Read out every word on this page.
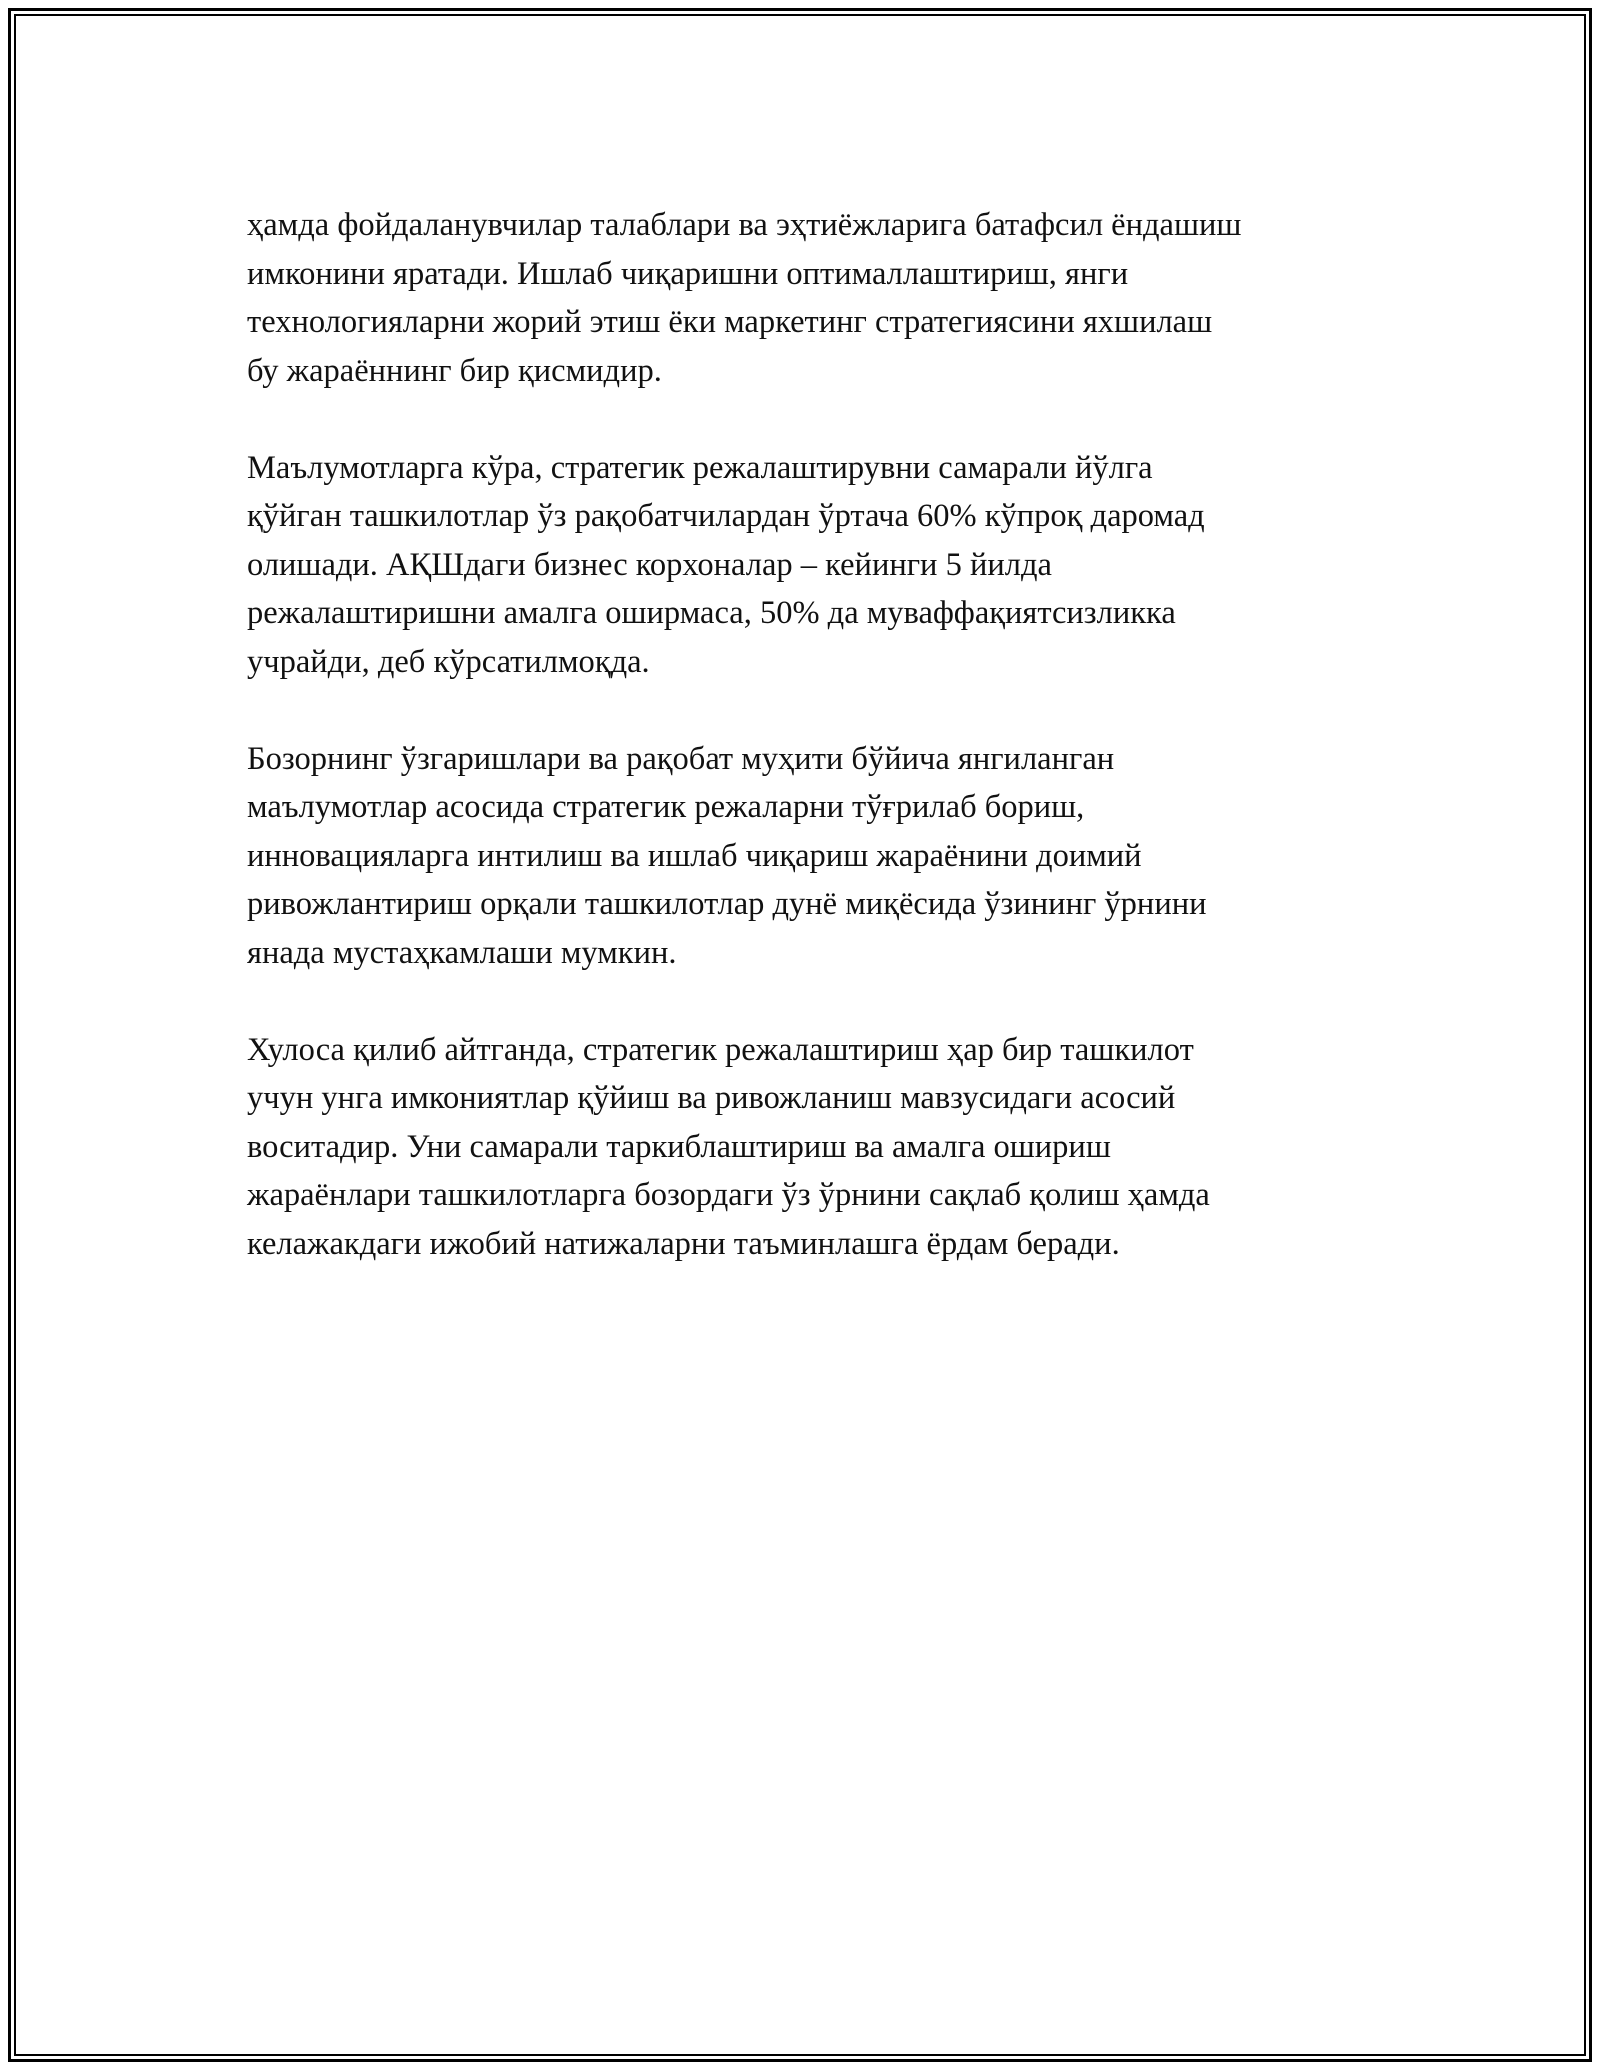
ҳамда фойдаланувчилар талаблари ва эҳтиёжларига батафсил ёндашиш
имконини яратади. Ишлаб чиқаришни оптималлаштириш, янги
технологияларни жорий этиш ёки маркетинг стратегиясини яхшилаш
бу жараённинг бир қисмидир.

Маълумотларга кўра, стратегик режалаштирувни самарали йўлга
қўйган ташкилотлар ўз рақобатчилардан ўртача 60% кўпроқ даромад
олишади. АҚШдаги бизнес корхоналар – кейинги 5 йилда
режалаштиришни амалга оширмаса, 50% да муваффақиятсизликка
учрайди, деб кўрсатилмоқда.

Бозорнинг ўзгаришлари ва рақобат муҳити бўйича янгиланган
маълумотлар асосида стратегик режаларни тўғрилаб бориш,
инновацияларга интилиш ва ишлаб чиқариш жараёнини доимий
ривожлантириш орқали ташкилотлар дунё миқёсида ўзининг ўрнини
янада мустаҳкамлаши мумкин.

Хулоса қилиб айтганда, стратегик режалаштириш ҳар бир ташкилот
учун унга имкониятлар қўйиш ва ривожланиш мавзусидаги асосий
воситадир. Уни самарали таркиблаштириш ва амалга ошириш
жараёнлари ташкилотларга бозордаги ўз ўрнини сақлаб қолиш ҳамда
келажакдаги ижобий натижаларни таъминлашга ёрдам беради.
